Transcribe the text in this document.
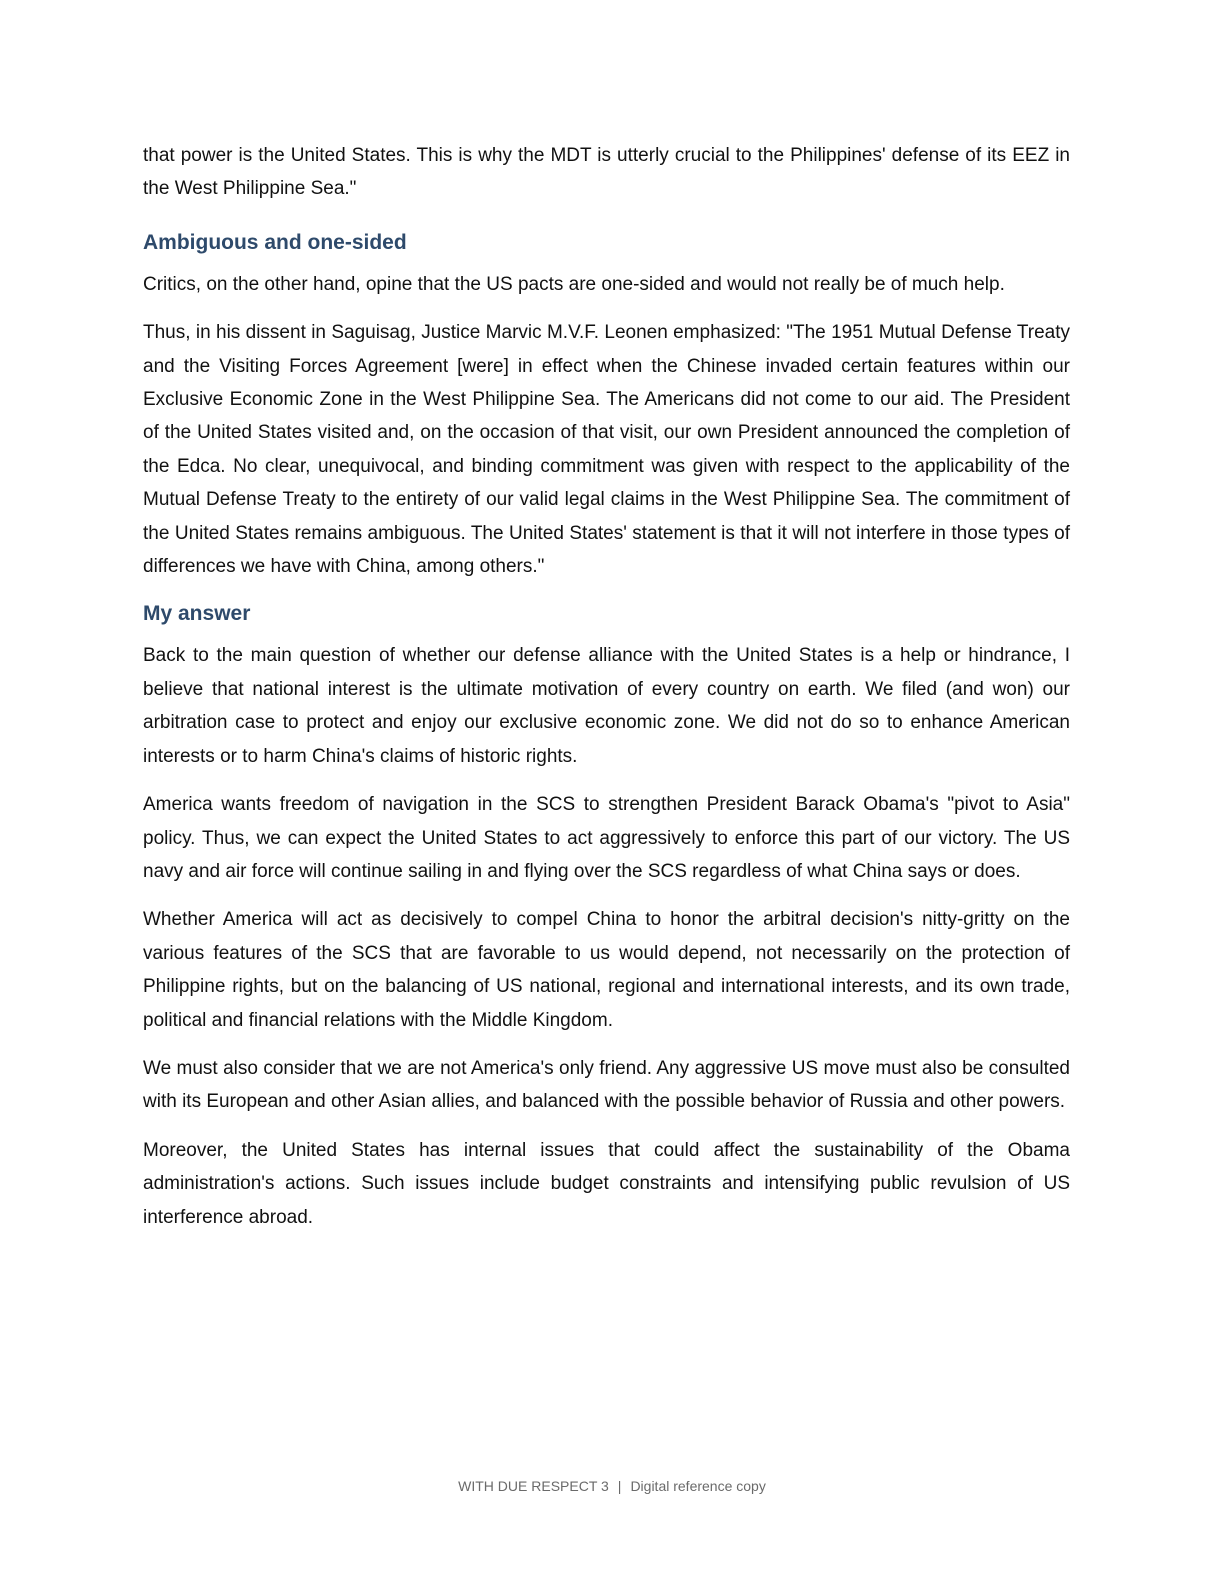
that power is the United States. This is why the MDT is utterly crucial to the Philippines' defense of its EEZ in the West Philippine Sea."

Ambiguous and one-sided

Critics, on the other hand, opine that the US pacts are one-sided and would not really be of much help.

Thus, in his dissent in Saguisag, Justice Marvic M.V.F. Leonen emphasized: "The 1951 Mutual Defense Treaty and the Visiting Forces Agreement [were] in effect when the Chinese invaded certain features within our Exclusive Economic Zone in the West Philippine Sea. The Americans did not come to our aid. The President of the United States visited and, on the occasion of that visit, our own President announced the completion of the Edca. No clear, unequivocal, and binding commitment was given with respect to the applicability of the Mutual Defense Treaty to the entirety of our valid legal claims in the West Philippine Sea. The commitment of the United States remains ambiguous. The United States' statement is that it will not interfere in those types of differences we have with China, among others."

My answer

Back to the main question of whether our defense alliance with the United States is a help or hindrance, I believe that national interest is the ultimate motivation of every country on earth. We filed (and won) our arbitration case to protect and enjoy our exclusive economic zone. We did not do so to enhance American interests or to harm China's claims of historic rights.

America wants freedom of navigation in the SCS to strengthen President Barack Obama's "pivot to Asia" policy. Thus, we can expect the United States to act aggressively to enforce this part of our victory. The US navy and air force will continue sailing in and flying over the SCS regardless of what China says or does.

Whether America will act as decisively to compel China to honor the arbitral decision's nitty-gritty on the various features of the SCS that are favorable to us would depend, not necessarily on the protection of Philippine rights, but on the balancing of US national, regional and international interests, and its own trade, political and financial relations with the Middle Kingdom.

We must also consider that we are not America's only friend. Any aggressive US move must also be consulted with its European and other Asian allies, and balanced with the possible behavior of Russia and other powers.

Moreover, the United States has internal issues that could affect the sustainability of the Obama administration's actions. Such issues include budget constraints and intensifying public revulsion of US interference abroad.

WITH DUE RESPECT 3 | Digital reference copy
